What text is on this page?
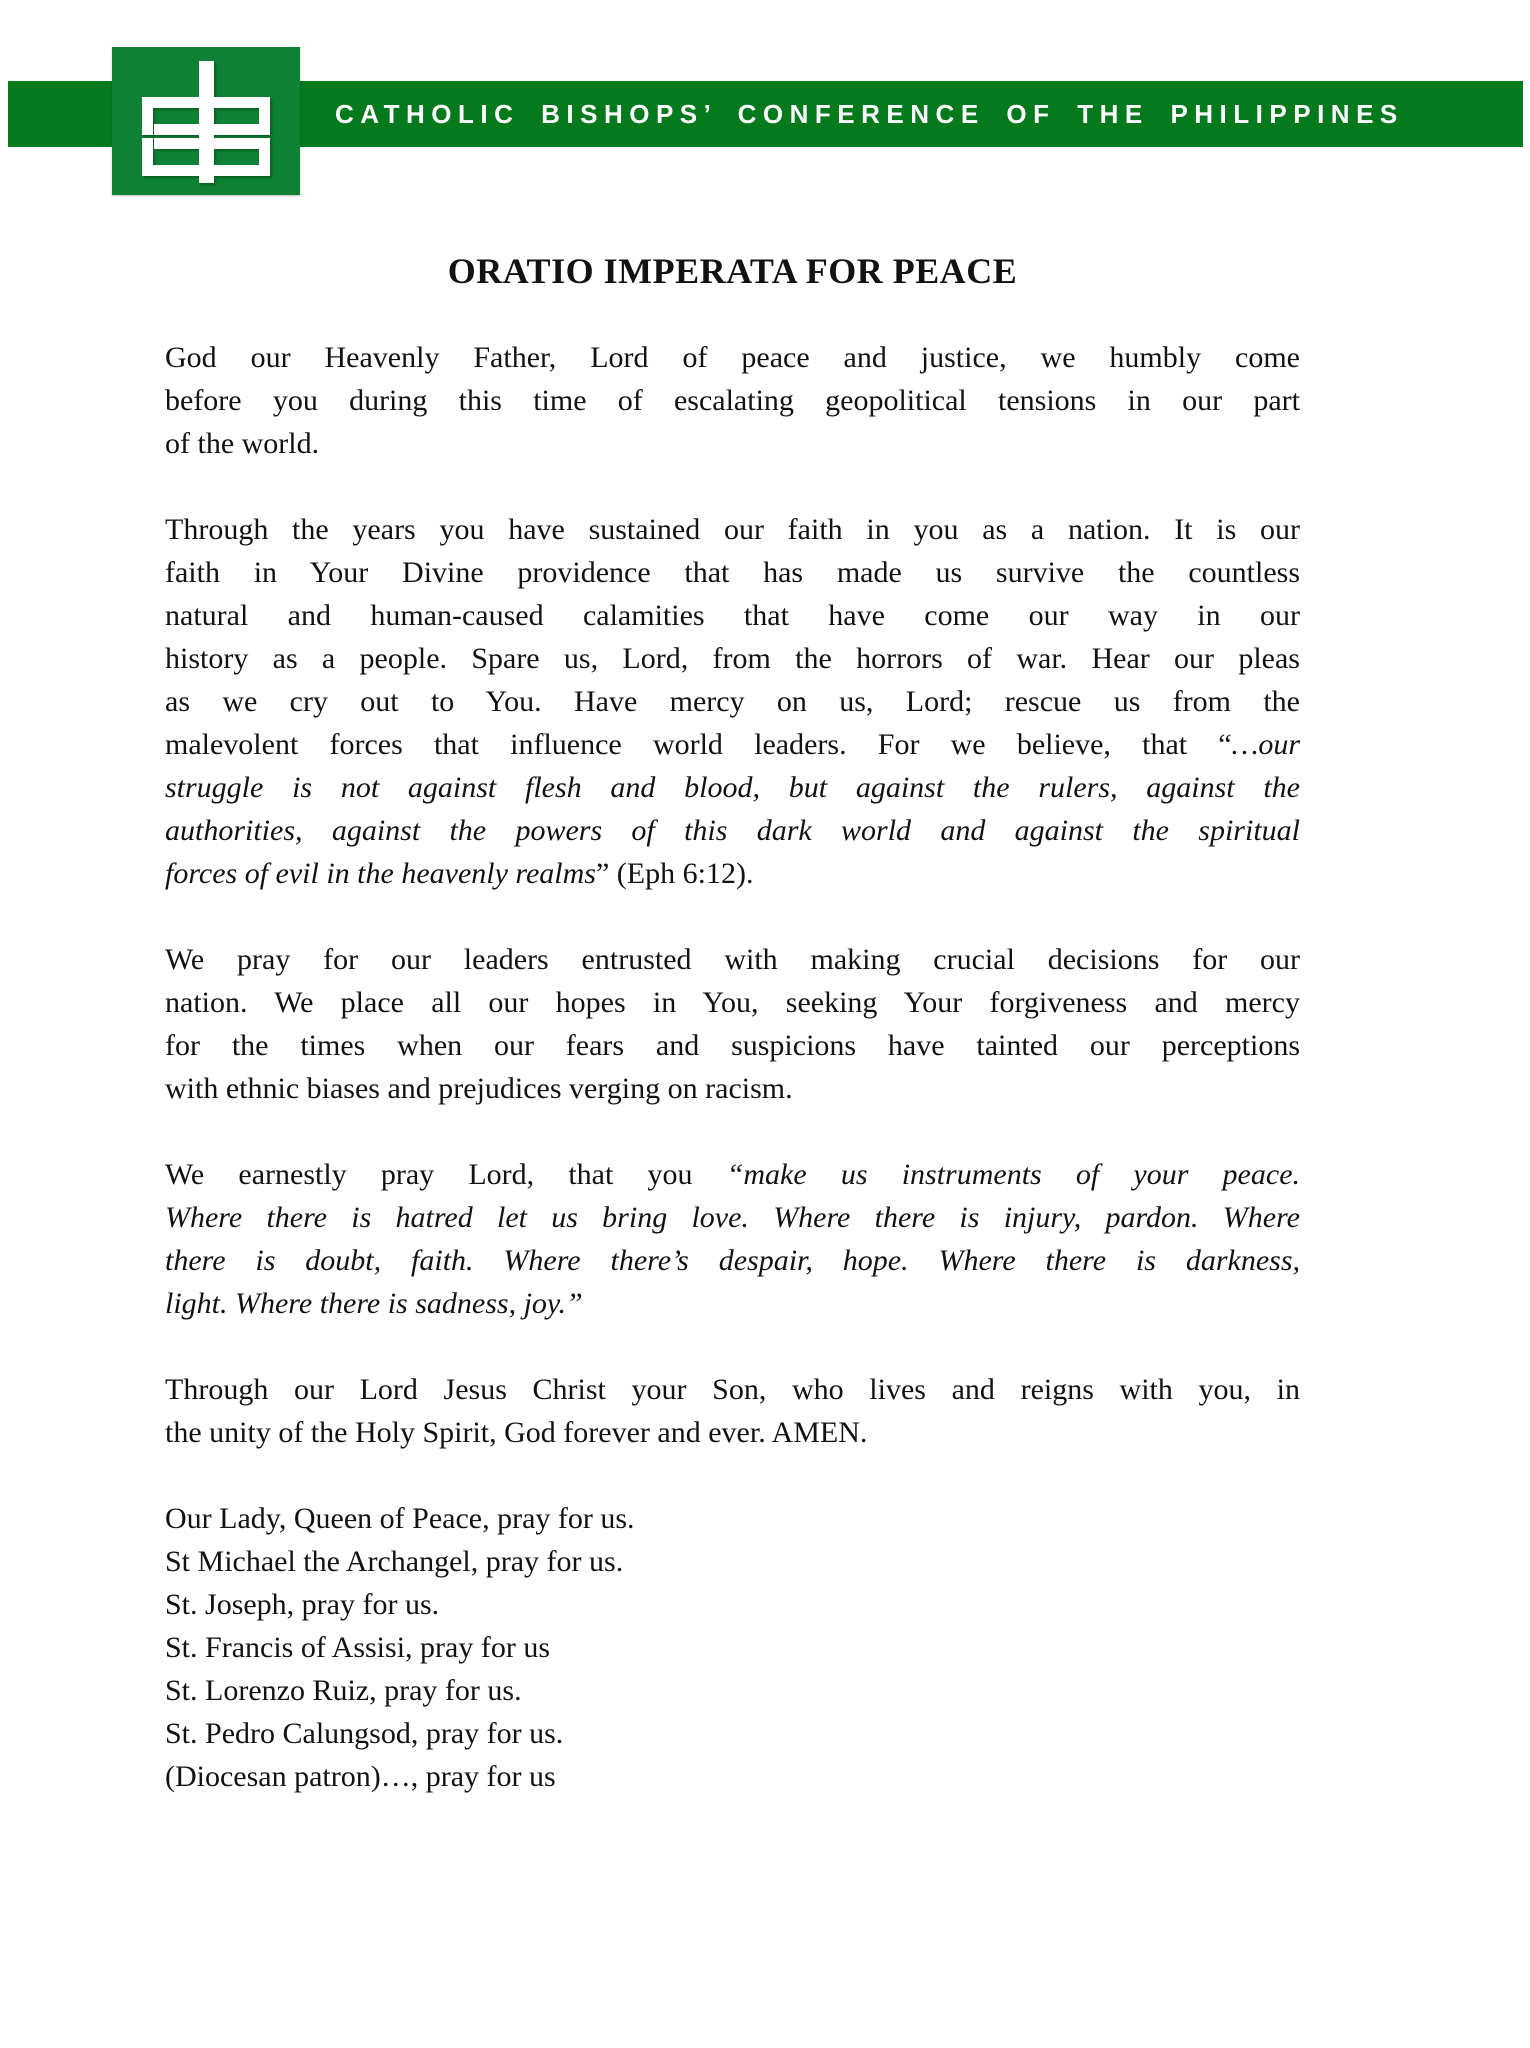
CATHOLIC BISHOPS’ CONFERENCE OF THE PHILIPPINES
ORATIO IMPERATA FOR PEACE
God our Heavenly Father, Lord of peace and justice, we humbly come
before you during this time of escalating geopolitical tensions in our part
of the world.
Through the years you have sustained our faith in you as a nation. It is our
faith in Your Divine providence that has made us survive the countless
natural and human-caused calamities that have come our way in our
history as a people. Spare us, Lord, from the horrors of war. Hear our pleas
as we cry out to You. Have mercy on us, Lord; rescue us from the
malevolent forces that influence world leaders. For we believe, that “…our
struggle is not against flesh and blood, but against the rulers, against the
authorities, against the powers of this dark world and against the spiritual
forces of evil in the heavenly realms” (Eph 6:12).
We pray for our leaders entrusted with making crucial decisions for our
nation. We place all our hopes in You, seeking Your forgiveness and mercy
for the times when our fears and suspicions have tainted our perceptions
with ethnic biases and prejudices verging on racism.
We earnestly pray Lord, that you “make us instruments of your peace.
Where there is hatred let us bring love. Where there is injury, pardon. Where
there is doubt, faith. Where there’s despair, hope. Where there is darkness,
light. Where there is sadness, joy.”
Through our Lord Jesus Christ your Son, who lives and reigns with you, in
the unity of the Holy Spirit, God forever and ever. AMEN.
Our Lady, Queen of Peace, pray for us.
St Michael the Archangel, pray for us.
St. Joseph, pray for us.
St. Francis of Assisi, pray for us
St. Lorenzo Ruiz, pray for us.
St. Pedro Calungsod, pray for us.
(Diocesan patron)…, pray for us
